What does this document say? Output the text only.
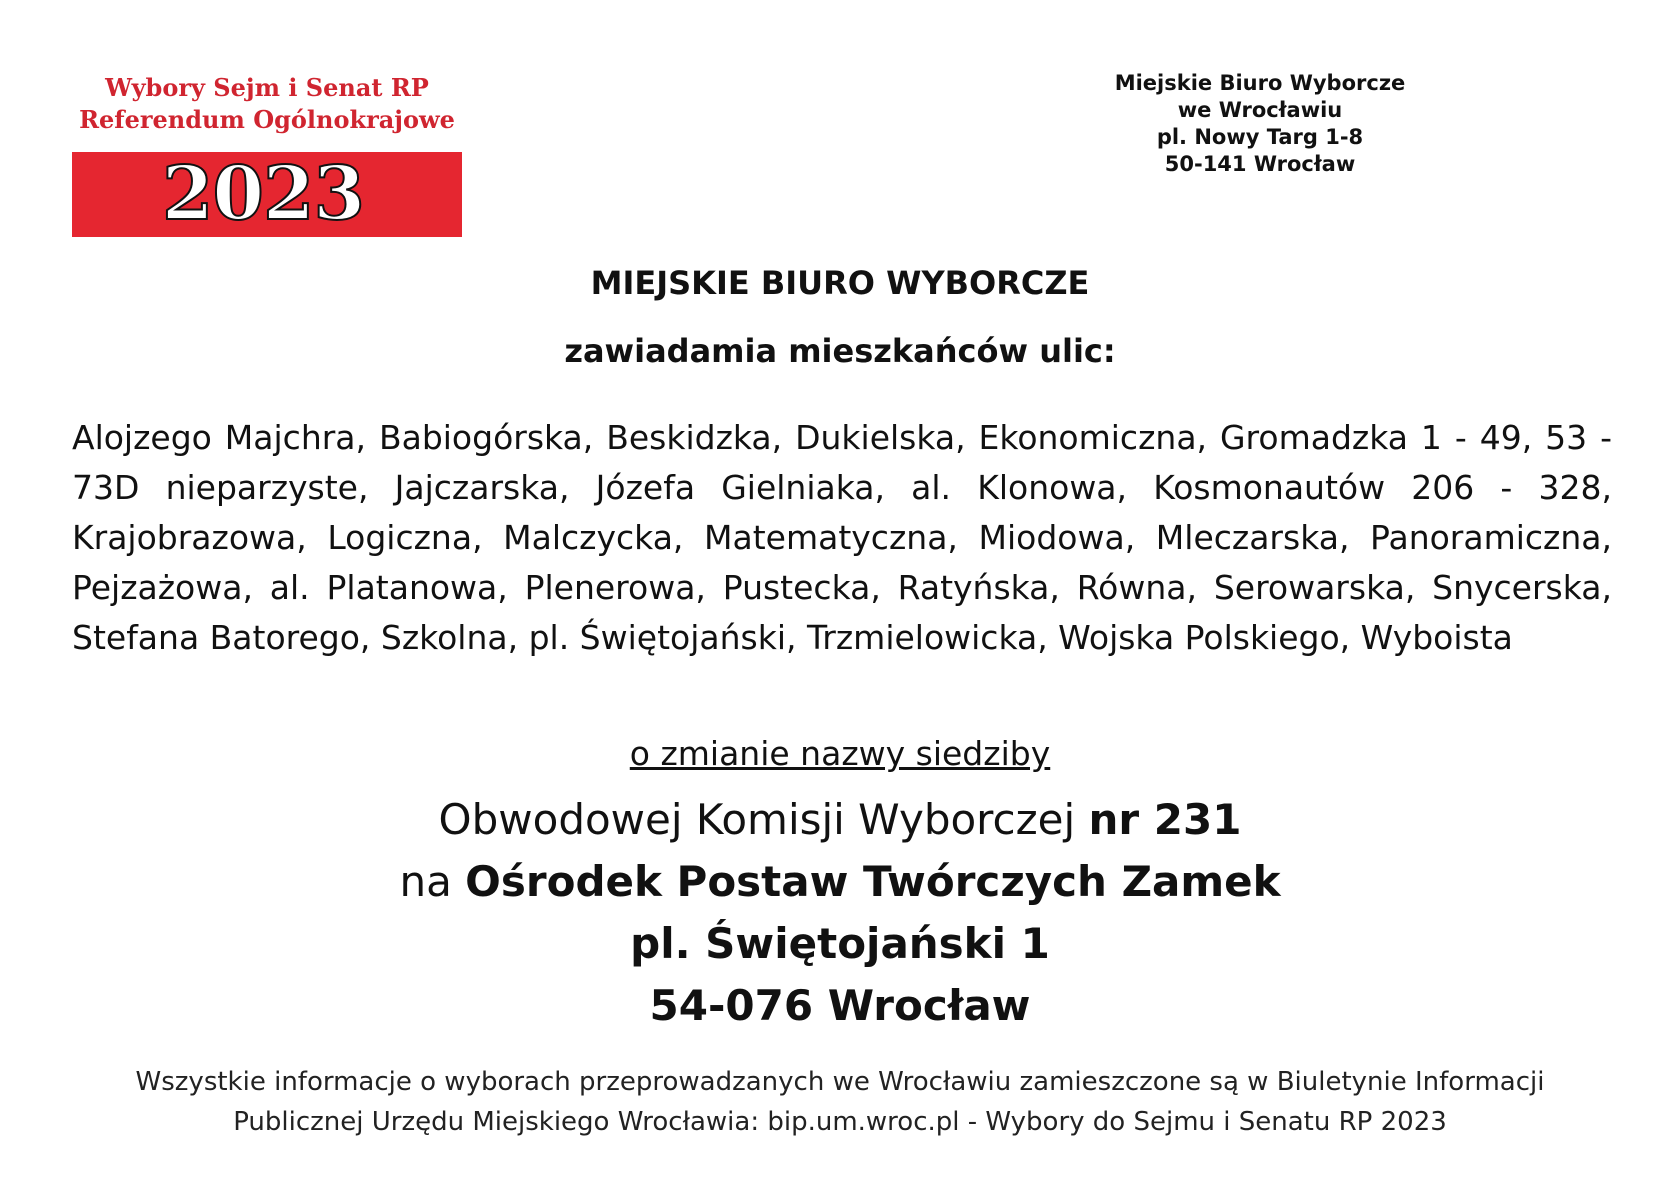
Wybory Sejm i Senat RP
Referendum Ogólnokrajowe
2023
Miejskie Biuro Wyborcze
we Wrocławiu
pl. Nowy Targ 1-8
50-141 Wrocław
MIEJSKIE BIURO WYBORCZE
zawiadamia mieszkańców ulic:

Alojzego Majchra, Babiogórska, Beskidzka, Dukielska, Ekonomiczna, Gromadzka 1 - 49, 53 - 73D nieparzyste, Jajczarska, Józefa Gielniaka, al. Klonowa, Kosmonautów 206 - 328, Krajobrazowa, Logiczna, Malczycka, Matematyczna, Miodowa, Mleczarska, Panoramiczna, Pejzażowa, al. Platanowa, Plenerowa, Pustecka, Ratyńska, Równa, Serowarska, Snycerska, Stefana Batorego, Szkolna, pl. Świętojański, Trzmielowicka, Wojska Polskiego, Wyboista

o zmianie nazwy siedziby
Obwodowej Komisji Wyborczej nr 231
na Ośrodek Postaw Twórczych Zamek
pl. Świętojański 1
54-076 Wrocław
Wszystkie informacje o wyborach przeprowadzanych we Wrocławiu zamieszczone są w Biuletynie Informacji
Publicznej Urzędu Miejskiego Wrocławia: bip.um.wroc.pl - Wybory do Sejmu i Senatu RP 2023
